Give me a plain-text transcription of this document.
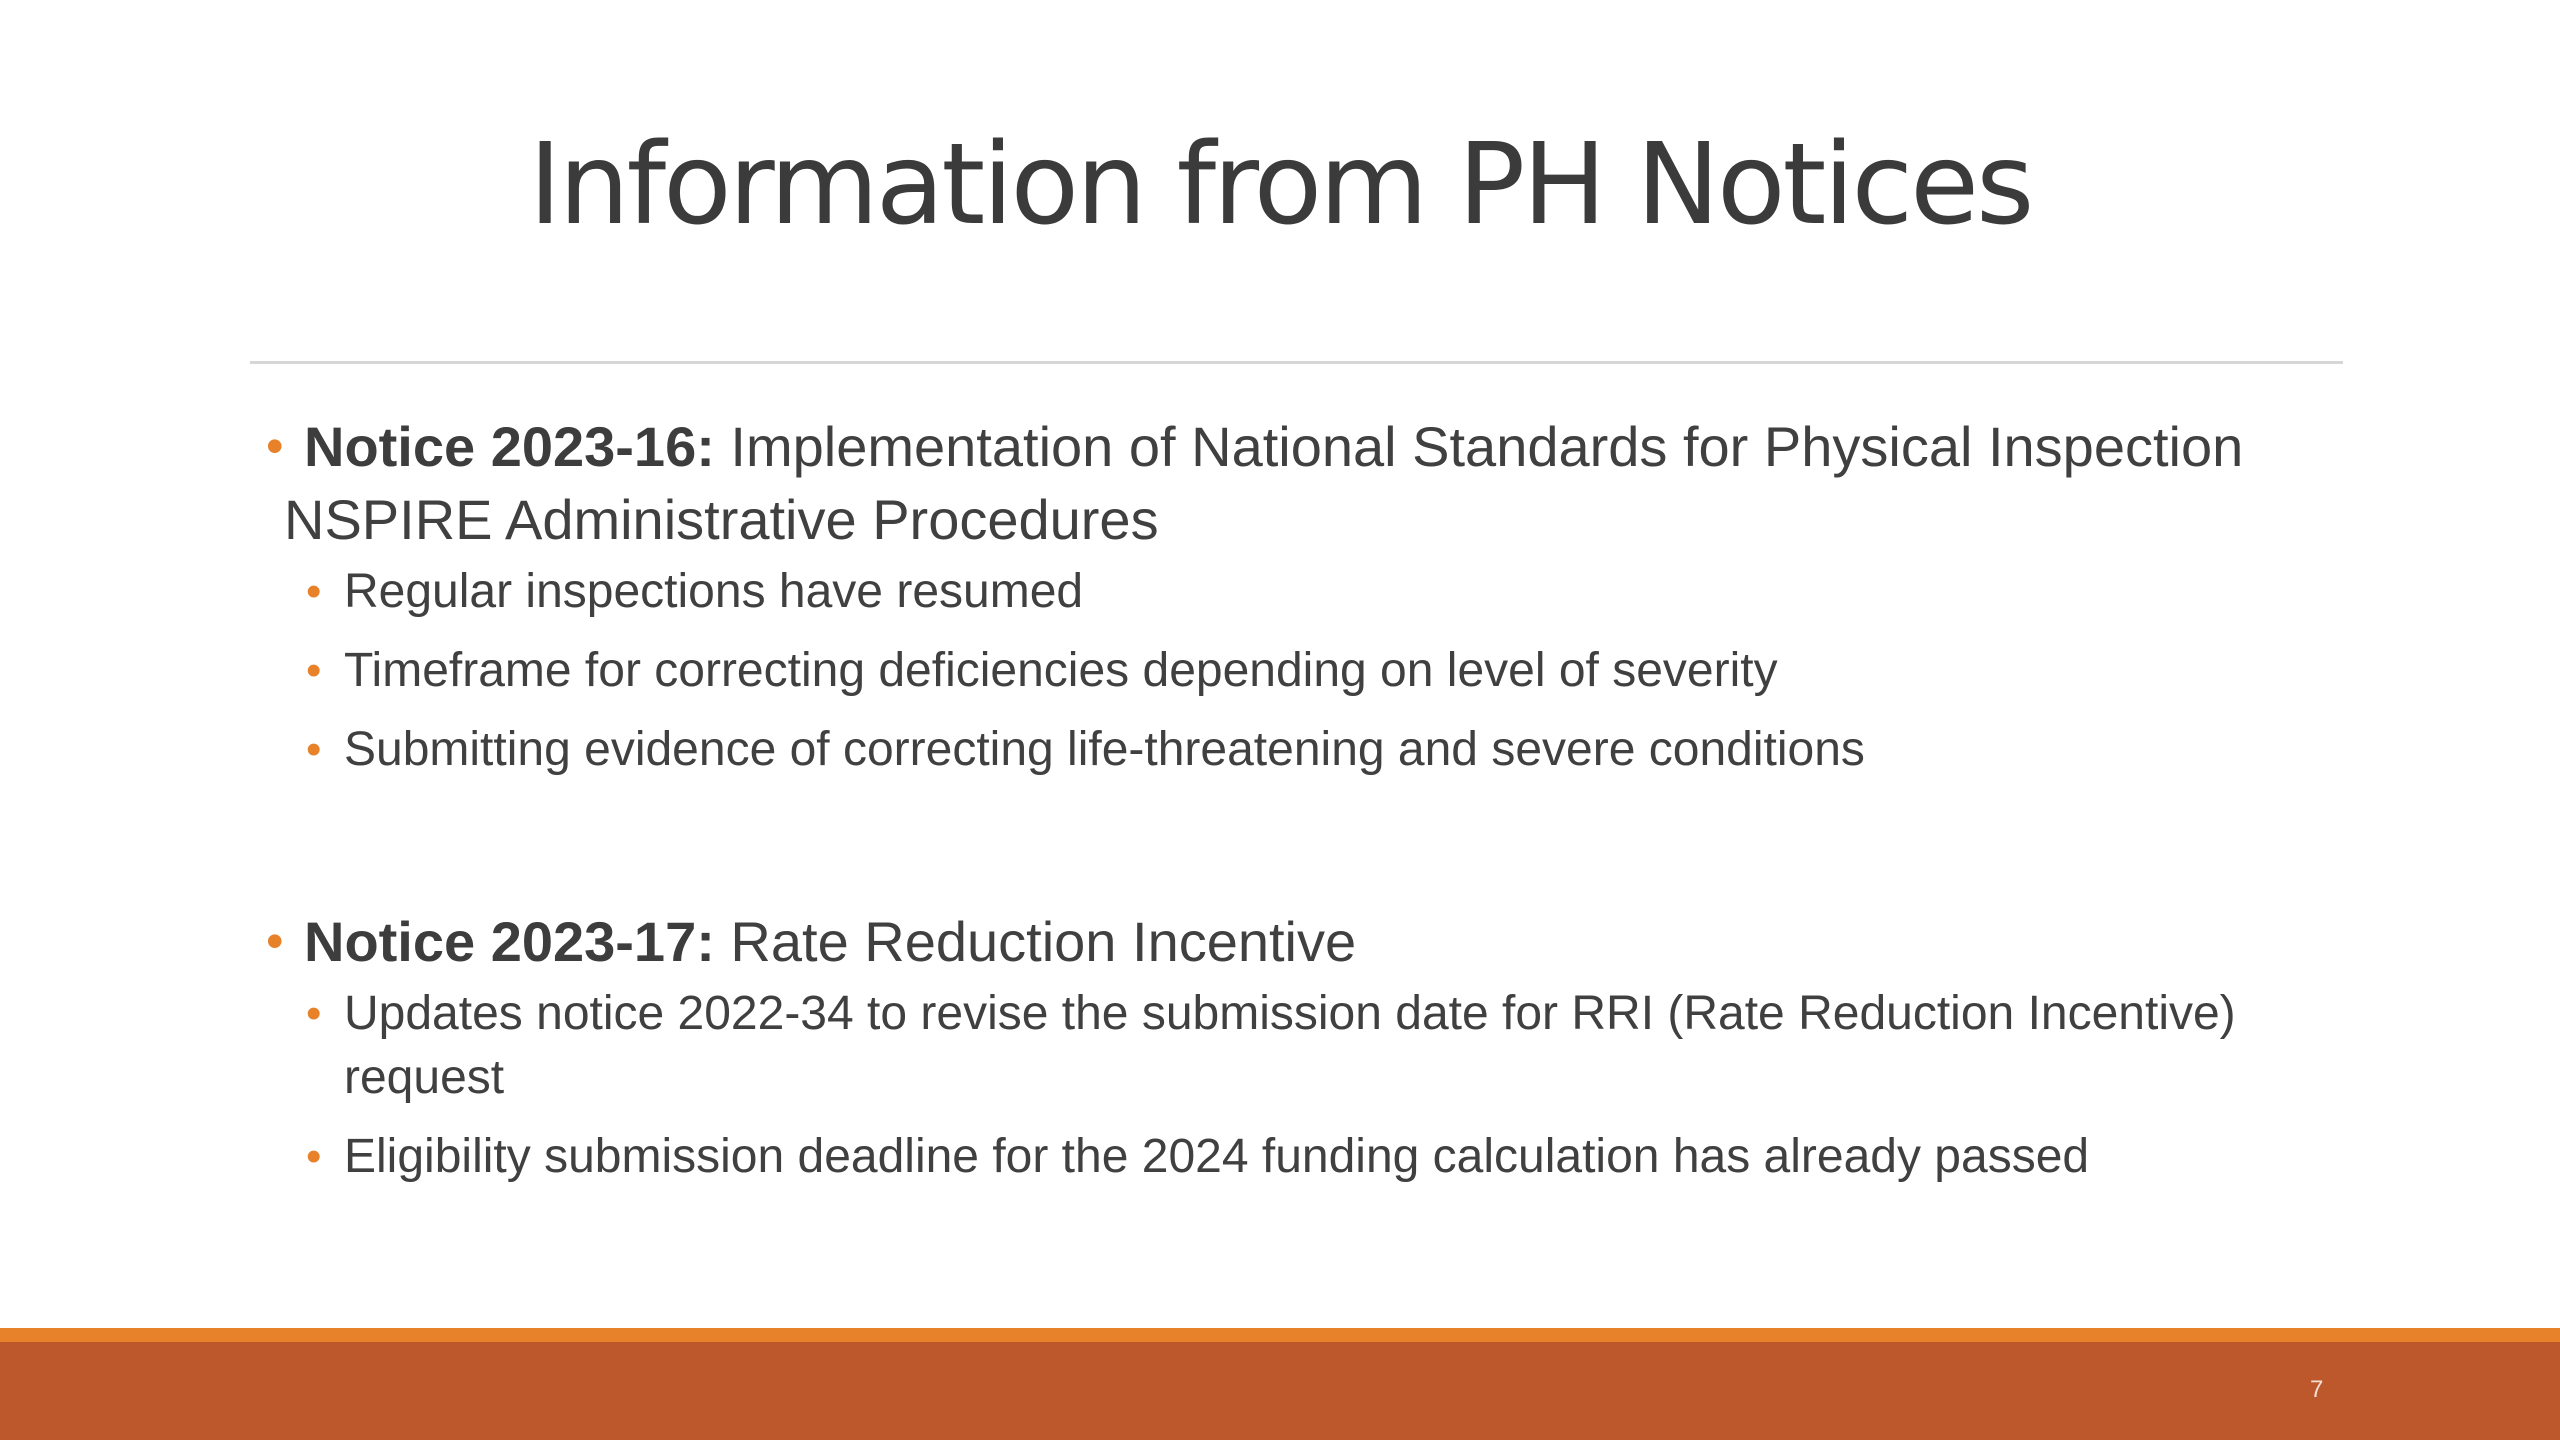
Information from PH Notices
• Notice 2023-16: Implementation of National Standards for Physical Inspection NSPIRE Administrative Procedures
• Regular inspections have resumed
• Timeframe for correcting deficiencies depending on level of severity
• Submitting evidence of correcting life-threatening and severe conditions
• Notice 2023-17: Rate Reduction Incentive
• Updates notice 2022-34 to revise the submission date for RRI (Rate Reduction Incentive) request
• Eligibility submission deadline for the 2024 funding calculation has already passed
7
